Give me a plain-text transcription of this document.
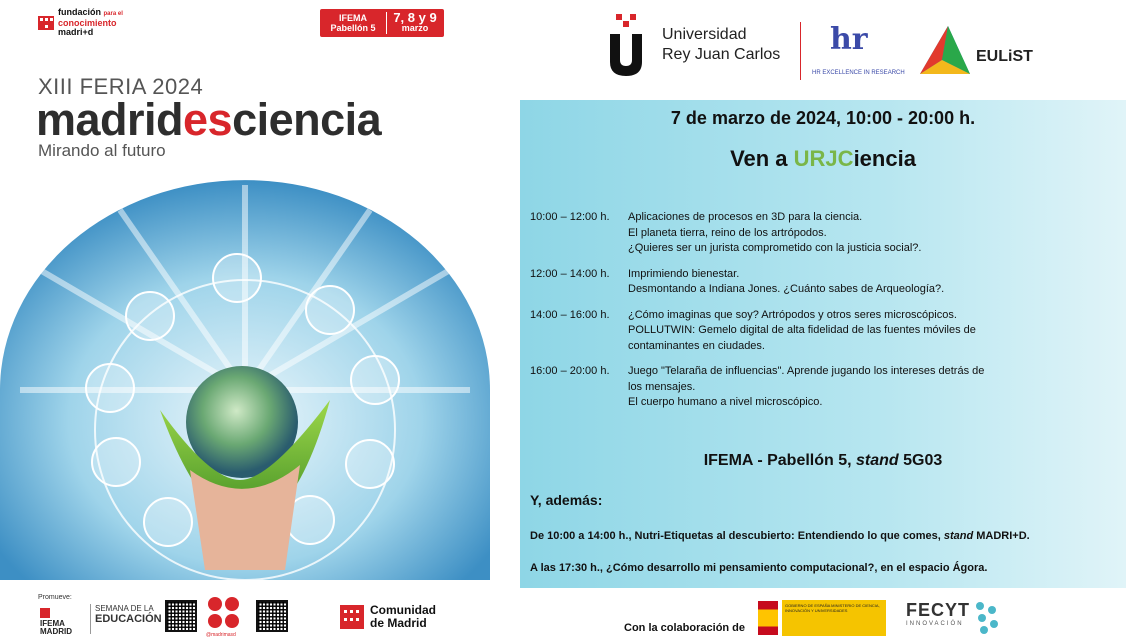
fundación para el
conocimiento
madri+d
IFEMA
Pabellón 5
7, 8 y 9
marzo
XIII FERIA 2024
madridesciencia
Mirando al futuro
Promueve:
IFEMA
MADRID
SEMANA DE LA
EDUCACIÓN
@madrimasd
Comunidad
de Madrid
Universidad
Rey Juan Carlos hr
HR EXCELLENCE IN RESEARCH
EULiST
7 de marzo de 2024, 10:00 - 20:00 h.
Ven a URJCiencia
10:00 – 12:00 h.	Aplicaciones de procesos en 3D para la ciencia.
El planeta tierra, reino de los artrópodos.
¿Quieres ser un jurista comprometido con la justicia social?.
12:00 – 14:00 h.	Imprimiendo bienestar.
Desmontando a Indiana Jones. ¿Cuánto sabes de Arqueología?.
14:00 – 16:00 h.	¿Cómo imaginas que soy? Artrópodos y otros seres microscópicos.
POLLUTWIN: Gemelo digital de alta fidelidad de las fuentes móviles de
contaminantes en ciudades.
16:00 – 20:00 h.	Juego "Telaraña de influencias". Aprende jugando los intereses detrás de
los mensajes.
El cuerpo humano a nivel microscópico.
IFEMA - Pabellón 5, stand 5G03
Y, además:
De 10:00 a 14:00 h., Nutri-Etiquetas al descubierto: Entendiendo lo que comes, stand MADRI+D.
A las 17:30 h., ¿Cómo desarrollo mi pensamiento computacional?, en el espacio Ágora.
Con la colaboración de
GOBIERNO DE ESPAÑA MINISTERIO DE CIENCIA, INNOVACIÓN Y UNIVERSIDADES	FECYT
INNOVACIÓN
